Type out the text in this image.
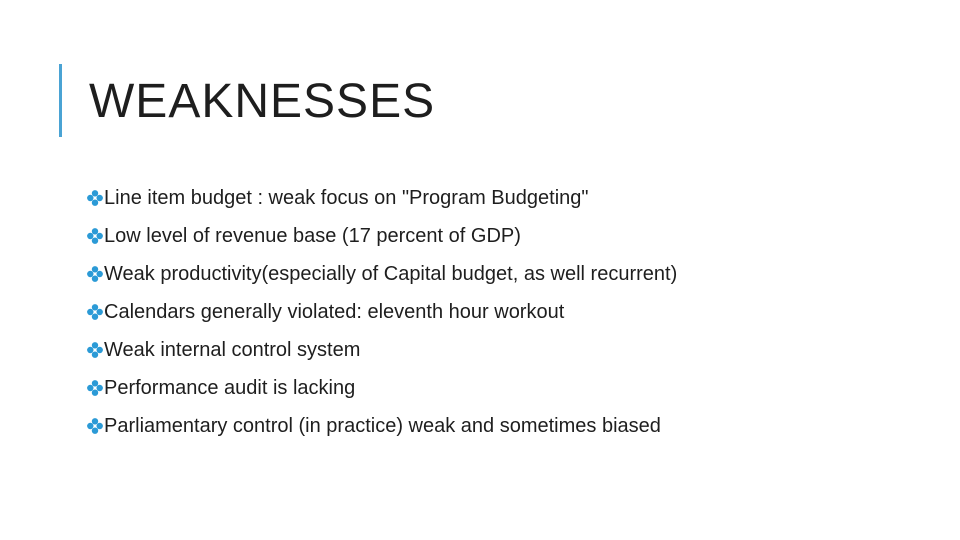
WEAKNESSES
Line item budget : weak focus on "Program Budgeting"
Low level of revenue base (17 percent of GDP)
Weak productivity(especially of Capital budget, as well recurrent)
Calendars generally violated: eleventh hour workout
Weak internal control system
Performance audit is lacking
Parliamentary control (in practice) weak and sometimes biased
